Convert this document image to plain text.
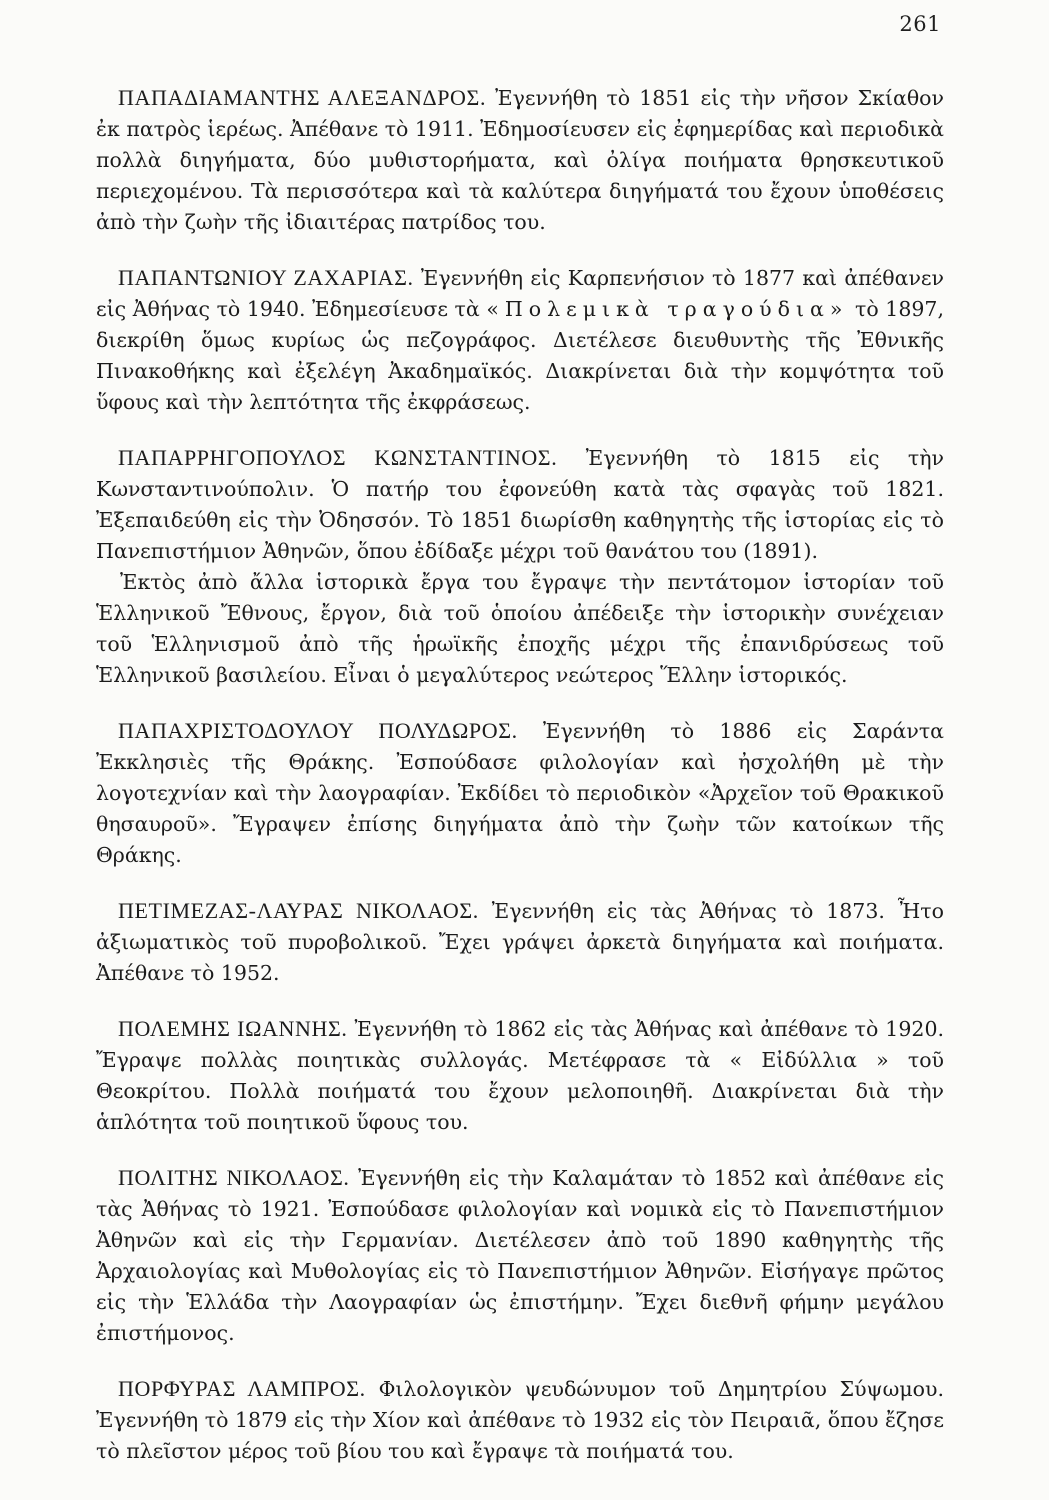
261

ΠΑΠΑΔΙΑΜΑΝΤΗΣ ΑΛΕΞΑΝΔΡΟΣ. Ἐγεννήθη τὸ 1851 εἰς τὴν νῆσον Σκίαθον ἐκ πατρὸς ἱερέως. Ἀπέθανε τὸ 1911. Ἐδημοσίευσεν εἰς ἐφημερίδας καὶ περιοδικὰ πολλὰ διηγήματα, δύο μυθιστορήματα, καὶ ὀλίγα ποιήματα θρησκευτικοῦ περιεχομένου. Τὰ περισσότερα καὶ τὰ καλύτερα διηγήματά του ἔχουν ὑποθέσεις ἀπὸ τὴν ζωὴν τῆς ἰδιαιτέρας πατρίδος του.

ΠΑΠΑΝΤΩΝΙΟΥ ΖΑΧΑΡΙΑΣ. Ἐγεννήθη εἰς Καρπενήσιον τὸ 1877 καὶ ἀπέθανεν εἰς Ἀθήνας τὸ 1940. Ἐδημεσίευσε τὰ «Πολεμικὰ τραγούδια» τὸ 1897, διεκρίθη ὅμως κυρίως ὡς πεζογράφος. Διετέλεσε διευθυντὴς τῆς Ἐθνικῆς Πινακοθήκης καὶ ἐξελέγη Ἀκαδημαϊκός. Διακρίνεται διὰ τὴν κομψότητα τοῦ ὕφους καὶ τὴν λεπτότητα τῆς ἐκφράσεως.

ΠΑΠΑΡΡΗΓΟΠΟΥΛΟΣ ΚΩΝΣΤΑΝΤΙΝΟΣ. Ἐγεννήθη τὸ 1815 εἰς τὴν Κωνσταντινούπολιν. Ὁ πατήρ του ἐφονεύθη κατὰ τὰς σφαγὰς τοῦ 1821. Ἐξεπαιδεύθη εἰς τὴν Ὀδησσόν. Τὸ 1851 διωρίσθη καθηγητὴς τῆς ἱστορίας εἰς τὸ Πανεπιστήμιον Ἀθηνῶν, ὅπου ἐδίδαξε μέχρι τοῦ θανάτου του (1891).

Ἐκτὸς ἀπὸ ἄλλα ἱστορικὰ ἔργα του ἔγραψε τὴν πεντάτομον ἱστορίαν τοῦ Ἑλληνικοῦ Ἔθνους, ἔργον, διὰ τοῦ ὁποίου ἀπέδειξε τὴν ἱστορικὴν συνέχειαν τοῦ Ἑλληνισμοῦ ἀπὸ τῆς ἡρωϊκῆς ἐποχῆς μέχρι τῆς ἐπανιδρύσεως τοῦ Ἑλληνικοῦ βασιλείου. Εἶναι ὁ μεγαλύτερος νεώτερος Ἕλλην ἱστορικός.

ΠΑΠΑΧΡΙΣΤΟΔΟΥΛΟΥ ΠΟΛΥΔΩΡΟΣ. Ἐγεννήθη τὸ 1886 εἰς Σαράντα Ἐκκλησιὲς τῆς Θράκης. Ἐσπούδασε φιλολογίαν καὶ ἠσχολήθη μὲ τὴν λογοτεχνίαν καὶ τὴν λαογραφίαν. Ἐκδίδει τὸ περιοδικὸν «Ἀρχεῖον τοῦ Θρακικοῦ θησαυροῦ». Ἔγραψεν ἐπίσης διηγήματα ἀπὸ τὴν ζωὴν τῶν κατοίκων τῆς Θράκης.

ΠΕΤΙΜΕΖΑΣ-ΛΑΥΡΑΣ ΝΙΚΟΛΑΟΣ. Ἐγεννήθη εἰς τὰς Ἀθήνας τὸ 1873. Ἦτο ἀξιωματικὸς τοῦ πυροβολικοῦ. Ἔχει γράψει ἀρκετὰ διηγήματα καὶ ποιήματα. Ἀπέθανε τὸ 1952.

ΠΟΛΕΜΗΣ ΙΩΑΝΝΗΣ. Ἐγεννήθη τὸ 1862 εἰς τὰς Ἀθήνας καὶ ἀπέθανε τὸ 1920. Ἔγραψε πολλὰς ποιητικὰς συλλογάς. Μετέφρασε τὰ « Εἰδύλλια » τοῦ Θεοκρίτου. Πολλὰ ποιήματά του ἔχουν μελοποιηθῆ. Διακρίνεται διὰ τὴν ἁπλότητα τοῦ ποιητικοῦ ὕφους του.

ΠΟΛΙΤΗΣ ΝΙΚΟΛΑΟΣ. Ἐγεννήθη εἰς τὴν Καλαμάταν τὸ 1852 καὶ ἀπέθανε εἰς τὰς Ἀθήνας τὸ 1921. Ἐσπούδασε φιλολογίαν καὶ νομικὰ εἰς τὸ Πανεπιστήμιον Ἀθηνῶν καὶ εἰς τὴν Γερμανίαν. Διετέλεσεν ἀπὸ τοῦ 1890 καθηγητὴς τῆς Ἀρχαιολογίας καὶ Μυθολογίας εἰς τὸ Πανεπιστήμιον Ἀθηνῶν. Εἰσήγαγε πρῶτος εἰς τὴν Ἑλλάδα τὴν Λαογραφίαν ὡς ἐπιστήμην. Ἔχει διεθνῆ φήμην μεγάλου ἐπιστήμονος.

ΠΟΡΦΥΡΑΣ ΛΑΜΠΡΟΣ. Φιλολογικὸν ψευδώνυμον τοῦ Δημητρίου Σύψωμου. Ἐγεννήθη τὸ 1879 εἰς τὴν Χίον καὶ ἀπέθανε τὸ 1932 εἰς τὸν Πειραιᾶ, ὅπου ἔζησε τὸ πλεῖστον μέρος τοῦ βίου του καὶ ἔγραψε τὰ ποιήματά του.
